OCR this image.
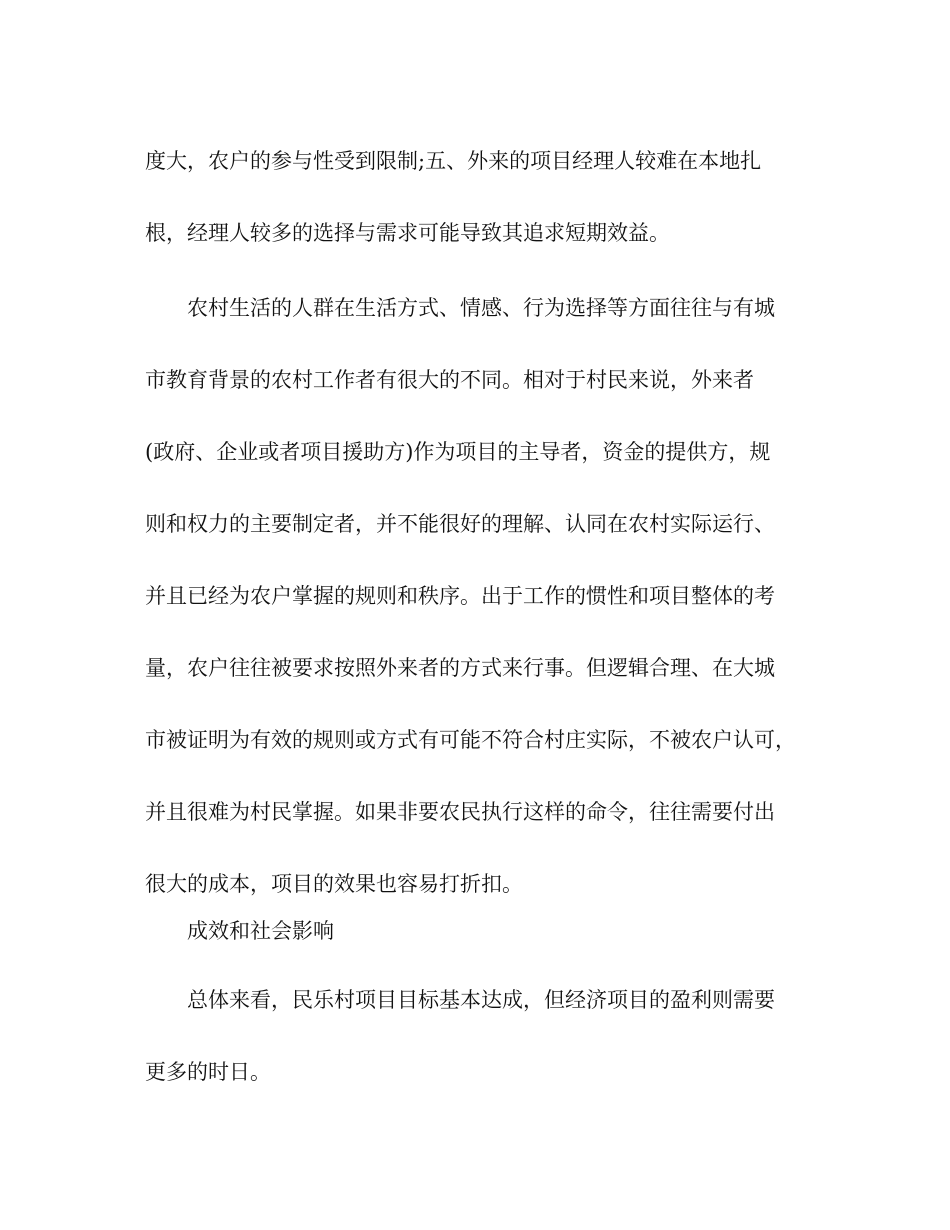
度大，农户的参与性受到限制;五、外来的项目经理人较难在本地扎
根，经理人较多的选择与需求可能导致其追求短期效益。
农村生活的人群在生活方式、情感、行为选择等方面往往与有城
市教育背景的农村工作者有很大的不同。相对于村民来说，外来者
(政府、企业或者项目援助方)作为项目的主导者，资金的提供方，规
则和权力的主要制定者，并不能很好的理解、认同在农村实际运行、
并且已经为农户掌握的规则和秩序。出于工作的惯性和项目整体的考
量，农户往往被要求按照外来者的方式来行事。但逻辑合理、在大城
市被证明为有效的规则或方式有可能不符合村庄实际，不被农户认可，
并且很难为村民掌握。如果非要农民执行这样的命令，往往需要付出
很大的成本，项目的效果也容易打折扣。
成效和社会影响
总体来看，民乐村项目目标基本达成，但经济项目的盈利则需要
更多的时日。
